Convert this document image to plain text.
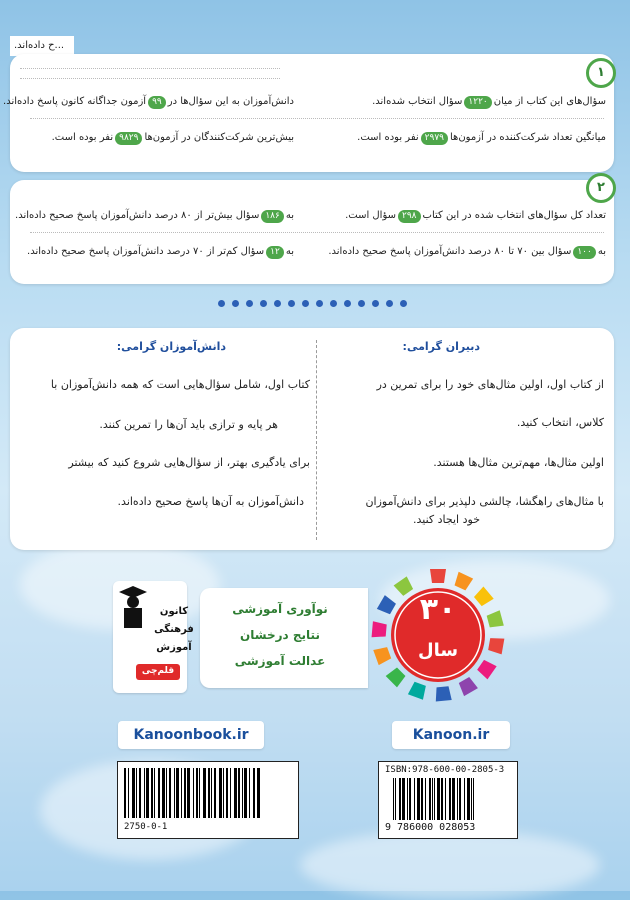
...ح داده‌اند.
۱
سؤال‌های این کتاب از میان۱۲۲۰سؤال انتخاب شده‌اند.
دانش‌آموزان به این سؤال‌ها در۹۹آزمون جداگانه کانون پاسخ داده‌اند.
میانگین تعداد شرکت‌کننده در آزمون‌ها۲۹۷۹نفر بوده است.
بیش‌ترین شرکت‌کنندگان در آزمون‌ها۹۸۲۹نفر بوده است.
۲
تعداد کل سؤال‌های انتخاب شده در این کتاب۲۹۸سؤال است.
به۱۸۶سؤال بیش‌تر از ۸۰ درصد دانش‌آموزان پاسخ صحیح داده‌اند.
به۱۰۰سؤال بین ۷۰ تا ۸۰ درصد دانش‌آموزان پاسخ صحیح داده‌اند.
به۱۲سؤال کم‌تر از ۷۰ درصد دانش‌آموزان پاسخ صحیح داده‌اند.
دبیران گرامی:
از کتاب اول، اولین مثال‌های خود را برای تمرین در
کلاس، انتخاب کنید.
اولین مثال‌ها، مهم‌ترین مثال‌ها هستند.
با مثال‌های راهگشا، چالشی دلپذیر برای دانش‌آموزان
خود ایجاد کنید.
دانش‌آموزان گرامی:
کتاب اول، شامل سؤال‌هایی است که همه دانش‌آموزان با
هر پایه و ترازی باید آن‌ها را تمرین کنند.
برای یادگیری بهتر، از سؤال‌هایی شروع کنید که بیشتر
دانش‌آموزان به آن‌ها پاسخ صحیح داده‌اند.
کانون
فرهنگی
آموزش
قلم‌چی
نوآوری آموزشی
نتایج درخشان
عدالت آموزشی
۳۰
سال
Kanoonbook.ir	Kanoon.ir
2750-0-1
ISBN:978-600-00-2805-3
9 786000 028053
